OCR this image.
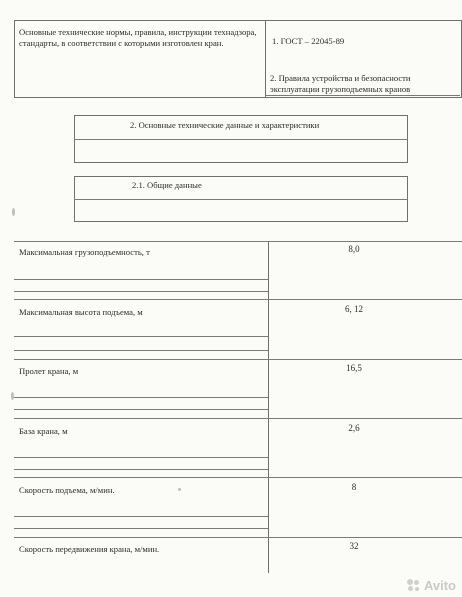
Основные технические нормы, правила, инструкции технадзора, стандарты, в соответствии с которыми изготовлен кран.	1. ГОСТ – 22045-89
2. Правила устройства и безопасности эксплуатации грузоподъемных кранов
2. Основные технические данные и характеристики
2.1. Общие данные
Максимальная грузоподъемность, т	8,0
Максимальная высота подъема, м	6, 12
Пролет крана, м	16,5
База крана, м	2,6
Скорость подъема, м/мин.	8
Скорость передвижения крана, м/мин.	32
Avito
